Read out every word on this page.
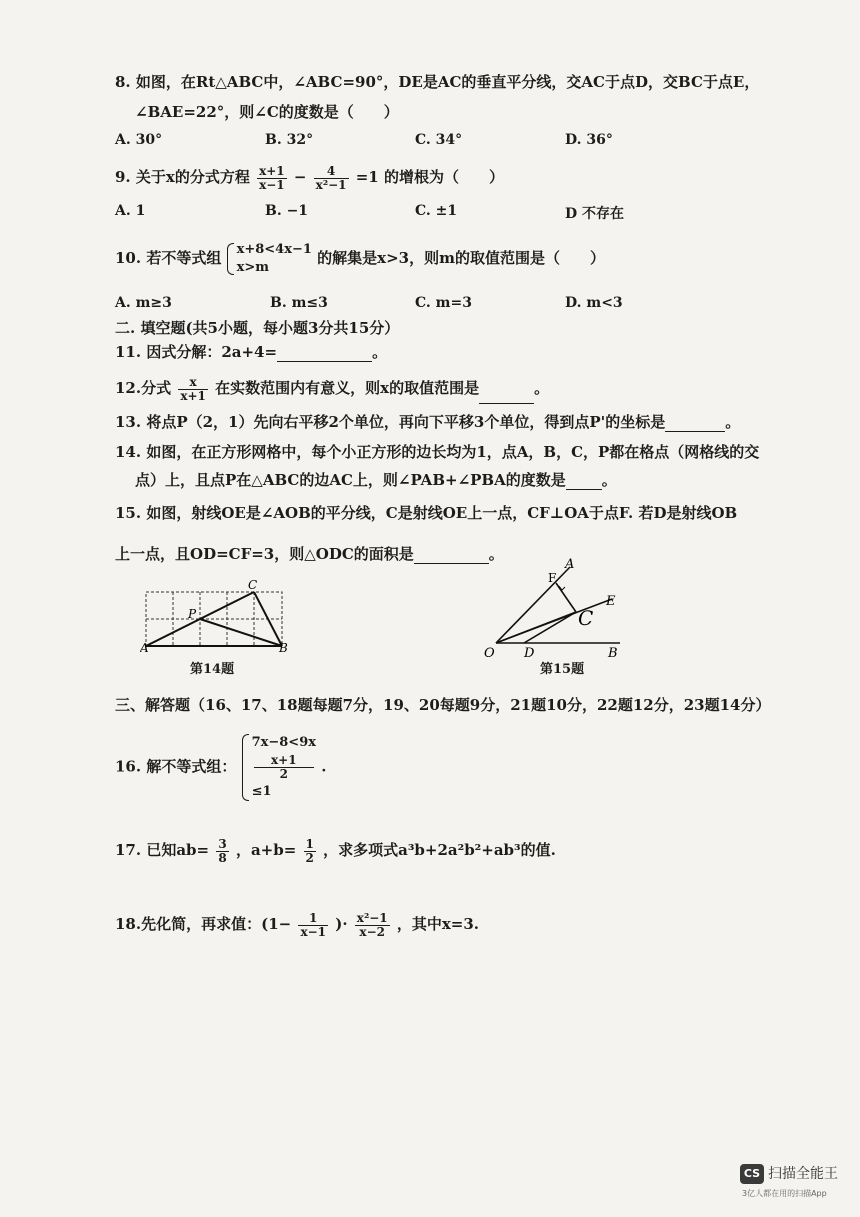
8. 如图，在Rt△ABC中，∠ABC=90°，DE是AC的垂直平分线，交AC于点D，交BC于点E，
∠BAE=22°，则∠C的度数是（　　）
A. 30°	B. 32°	C. 34°	D. 36°
9. 关于x的分式方程 $\frac{x+1}{x-1} - \frac{4}{\text{x²−1}} =1$ 的增根为（　　）
A. 1	B. −1	C. ±1	D 不存在
10. 若不等式组 x+8<4x−1
x>m
的解集是x>3，则m的取值范围是（　　）
A. m≥3	B. m≤3	C. m=3	D. m<3
二. 填空题(共5小题，每小题3分共15分）
11. 因式分解：2a+4=	。
12.分式 $\frac{x}{x+1}$ 在实数范围内有意义，则x的取值范围是	。
13. 将点P（2，1）先向右平移2个单位，再向下平移3个单位，得到点P'的坐标是	。
14. 如图，在正方形网格中，每个小正方形的边长均为1，点A，B，C，P都在格点（网格线的交
点）上，且点P在△ABC的边AC上，则∠PAB+∠PBA的度数是 。
15. 如图，射线OE是∠AOB的平分线，C是射线OE上一点，CF⊥OA于点F. 若D是射线OB
上一点，且OD=CF=3，则△ODC的面积是	。
A	B
C
P
第14题
O D	B
A
F
E
C
第15题
三、解答题（16、17、18题每题7分，19、20每题9分，21题10分，22题12分，23题14分）
16. 解不等式组：
7x−8<9x
x+1
2
≤1
.
17. 已知$ab= \frac{3}{8}$ ，$a+b= \frac{1}{2}$ ，求多项式a³b+2a²b²+ab³的值.
18.先化简，再求值：($1- \frac{1}{x-1}$ )· $\frac{\text{x²−1}}{x-2}$ ，其中x=3.
CS 扫描全能王
3亿人都在用的扫描App
